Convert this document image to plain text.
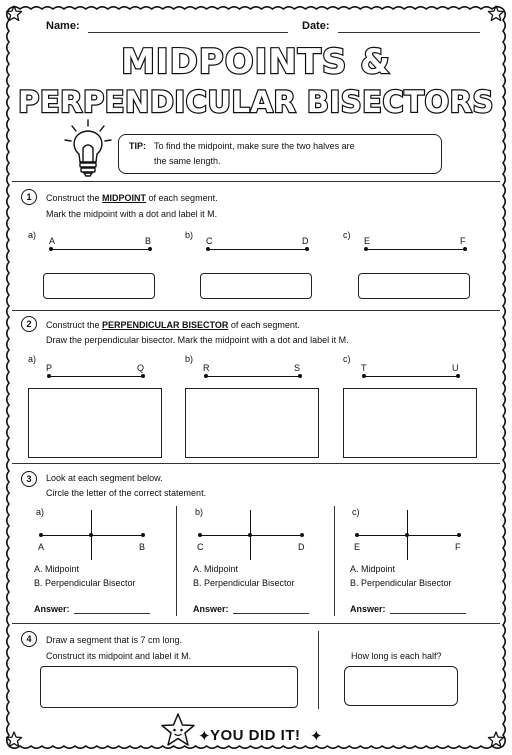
Name:	Date:
MIDPOINTS &
PERPENDICULAR BISECTORS
TIP: To find the midpoint, make sure the two halves are
the same length.
1	Construct the MIDPOINT of each segment.
Mark the midpoint with a dot and label it M.
a)
A	B
b)
C	D
c)
E	F
2	Construct the PERPENDICULAR BISECTOR of each segment.
Draw the perpendicular bisector. Mark the midpoint with a dot and label it M.
a)
P	Q
b)
R	S
c)
T	U
3	Look at each segment below.
Circle the letter of the correct statement.
a)
A	B
A. Midpoint
B. Perpendicular Bisector
Answer:
b)
C	D
A. Midpoint
B. Perpendicular Bisector
Answer:
c)
E	F
A. Midpoint
B. Perpendicular Bisector
Answer:
4	Draw a segment that is 7 cm long.
Construct its midpoint and label it M.	How long is each half?
✦ YOU DID IT! ✦
